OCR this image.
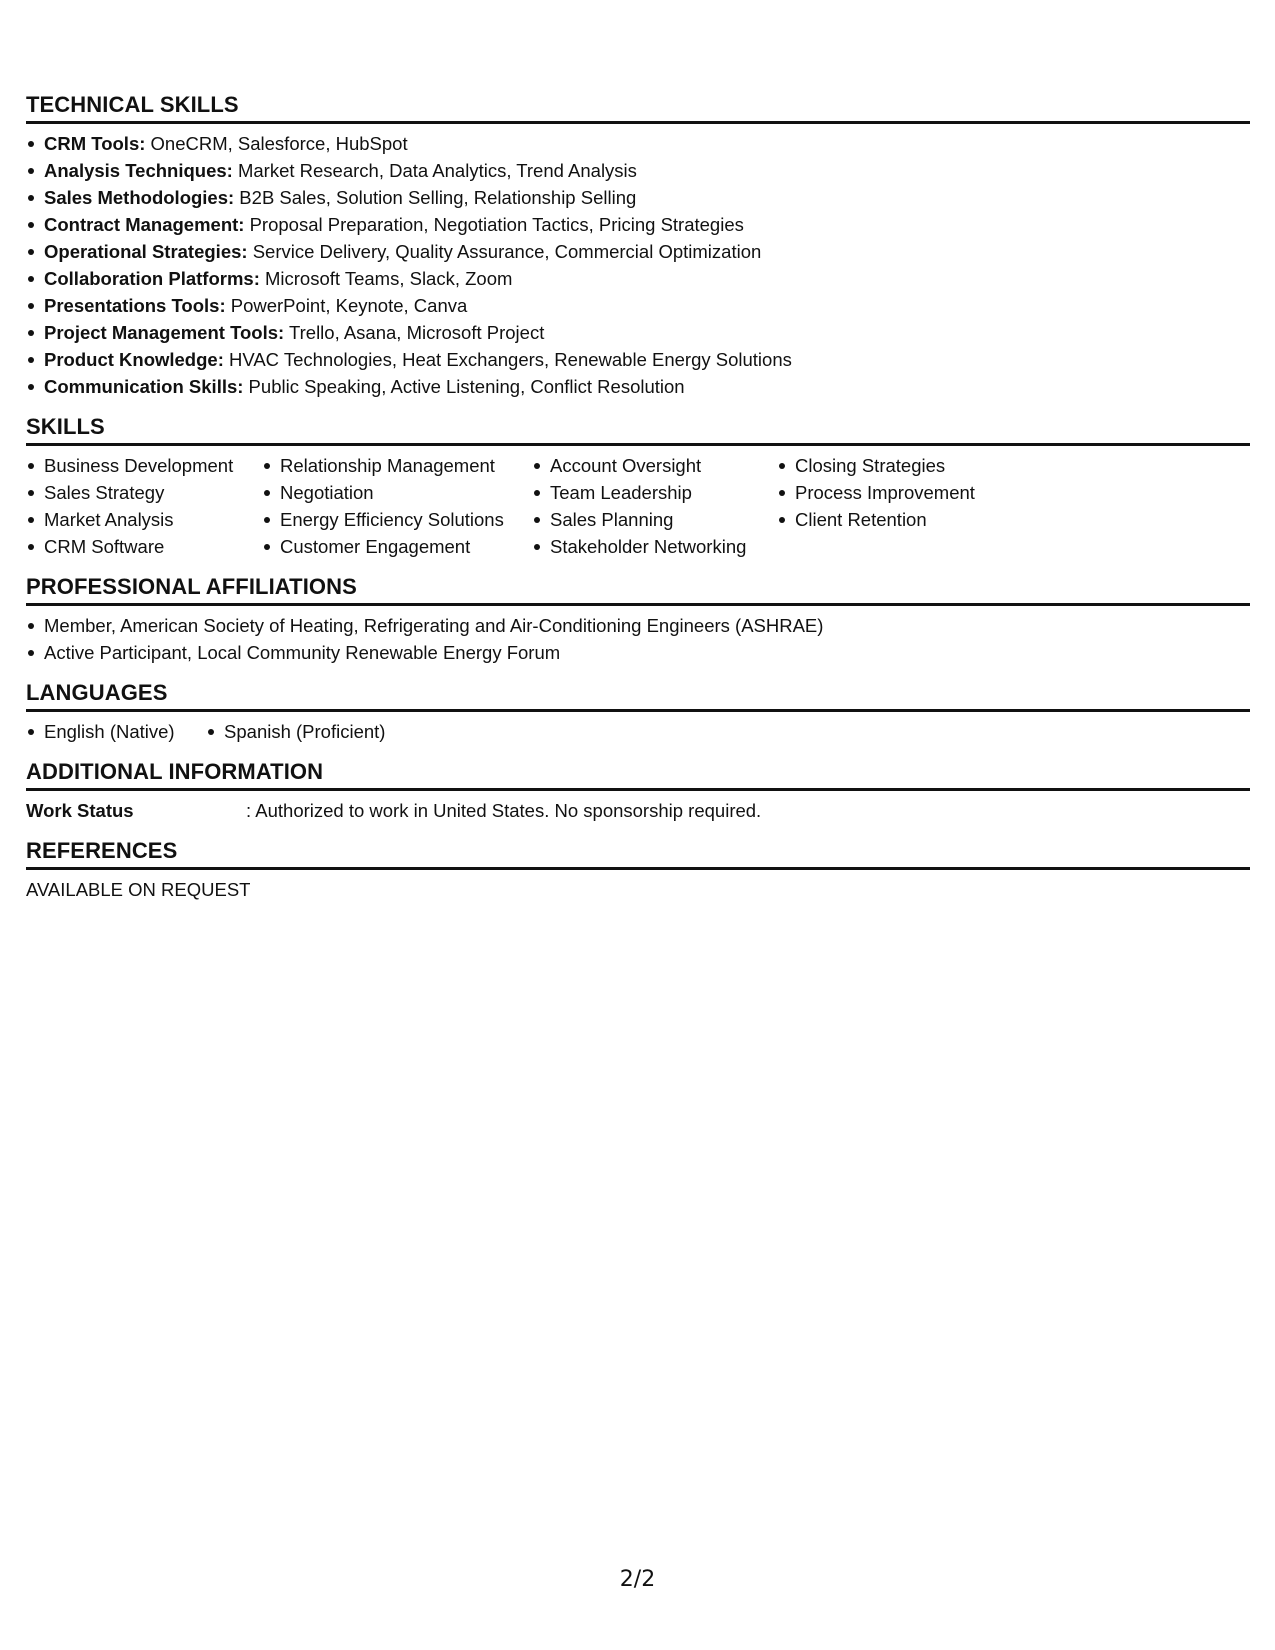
TECHNICAL SKILLS
CRM Tools: OneCRM, Salesforce, HubSpot
Analysis Techniques: Market Research, Data Analytics, Trend Analysis
Sales Methodologies: B2B Sales, Solution Selling, Relationship Selling
Contract Management: Proposal Preparation, Negotiation Tactics, Pricing Strategies
Operational Strategies: Service Delivery, Quality Assurance, Commercial Optimization
Collaboration Platforms: Microsoft Teams, Slack, Zoom
Presentations Tools: PowerPoint, Keynote, Canva
Project Management Tools: Trello, Asana, Microsoft Project
Product Knowledge: HVAC Technologies, Heat Exchangers, Renewable Energy Solutions
Communication Skills: Public Speaking, Active Listening, Conflict Resolution
SKILLS
Business Development
Sales Strategy
Market Analysis
CRM Software
Relationship Management
Negotiation
Energy Efficiency Solutions
Customer Engagement
Account Oversight
Team Leadership
Sales Planning
Stakeholder Networking
Closing Strategies
Process Improvement
Client Retention
PROFESSIONAL AFFILIATIONS
Member, American Society of Heating, Refrigerating and Air-Conditioning Engineers (ASHRAE)
Active Participant, Local Community Renewable Energy Forum
LANGUAGES
English (Native)	Spanish (Proficient)
ADDITIONAL INFORMATION
Work Status	: Authorized to work in United States. No sponsorship required.
REFERENCES
AVAILABLE ON REQUEST
2/2
